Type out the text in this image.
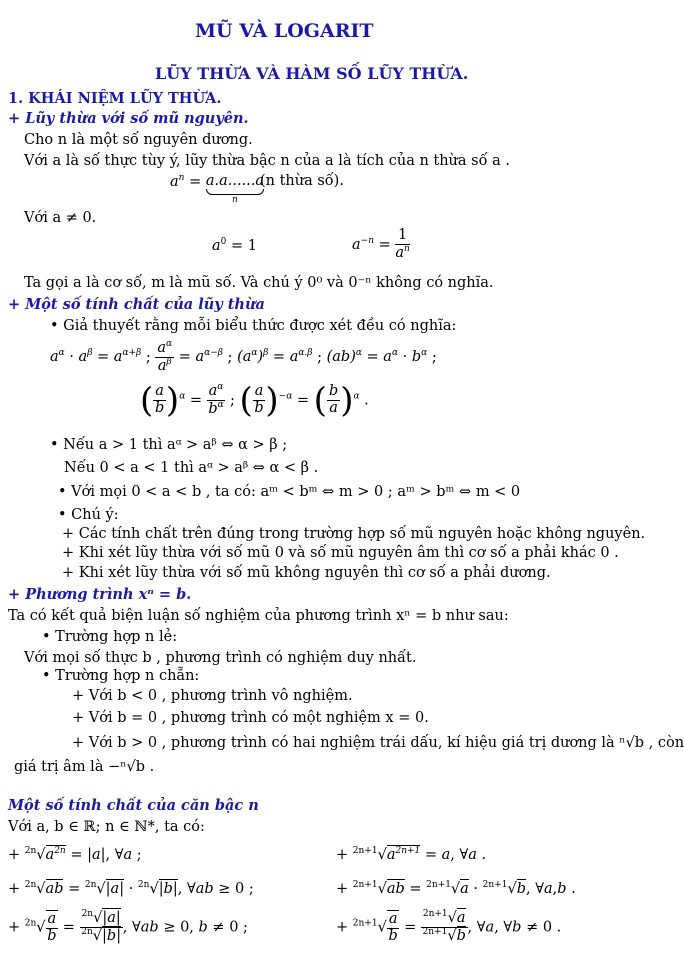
MŨ VÀ LOGARIT
LŨY THỪA VÀ HÀM SỐ LŨY THỪA.
1. KHÁI NIỆM LŨY THỪA.
+ Lũy thừa với số mũ nguyên.
Cho n là một số nguyên dương.
Với a là số thực tùy ý, lũy thừa bậc n của a là tích của n thừa số a .
$a^n = a.a......a$
n
(n thừa số).
Với a ≠ 0.
$a^0 = 1$	$a^{-n} = \frac{1}{a^n}$
Ta gọi a là cơ số, m là mũ số. Và chú ý 0⁰ và 0⁻ⁿ không có nghĩa.
+ Một số tính chất của lũy thừa
• Giả thuyết rằng mỗi biểu thức được xét đều có nghĩa:
$a^\alpha \cdot a^\beta = a^{\alpha+\beta}$ ; $\frac{a^\alpha}{a^\beta} = a^{\alpha-\beta}$ ; $(a^\alpha)^\beta = a^{\alpha.\beta}$ ; $(ab)^\alpha = a^\alpha \cdot b^\alpha$ ;
( $\frac{a}{b} )^\alpha = \frac{a^\alpha}{b^\alpha}$ ; ( $\frac{a}{b} )^{-\alpha}$ = ( $\frac{b}{a} )^\alpha$ .
• Nếu a > 1 thì aᵅ > aᵝ ⇔ α > β ;
Nếu 0 < a < 1 thì aᵅ > aᵝ ⇔ α < β .
• Với mọi 0 < a < b , ta có: aᵐ < bᵐ ⇔ m > 0 ; aᵐ > bᵐ ⇔ m < 0
• Chú ý:
+ Các tính chất trên đúng trong trường hợp số mũ nguyên hoặc không nguyên.
+ Khi xét lũy thừa với số mũ 0 và số mũ nguyên âm thì cơ số a phải khác 0 .
+ Khi xét lũy thừa với số mũ không nguyên thì cơ số a phải dương.
+ Phương trình xⁿ = b.
Ta có kết quả biện luận số nghiệm của phương trình xⁿ = b như sau:
• Trường hợp n lẻ:
Với mọi số thực b , phương trình có nghiệm duy nhất.
• Trường hợp n chẵn:
+ Với b < 0 , phương trình vô nghiệm.
+ Với b = 0 , phương trình có một nghiệm x = 0.
+ Với b > 0 , phương trình có hai nghiệm trái dấu, kí hiệu giá trị dương là ⁿ√b , còn
giá trị âm là −ⁿ√b .
Một số tính chất của căn bậc n
Với a, b ∈ ℝ; n ∈ ℕ*, ta có:
+ $^{2n}√a^{2n} = |a|$, ∀a ;	+ $^{2n+1}√a^{2n+1} = a$, ∀a .
+ $^{2n}$√ab = $^{2n}$√|a| · $^{2n}$√|b|, ∀ab ≥ 0 ;	+ $^{2n+1}$√ab = $^{2n+1}$√a · $^{2n+1}$√b, ∀a,b .
+ $^{2n}√ \frac{a}{b} = \frac{^{2n}√|a|}{^{2n}√|b|}$ , ∀ab ≥ 0, b ≠ 0 ;	+ $^{2n+1}√ \frac{a}{b} = \frac{^{2n+1}√a}{^{2n+1}√b}$ , ∀a, ∀b ≠ 0 .
